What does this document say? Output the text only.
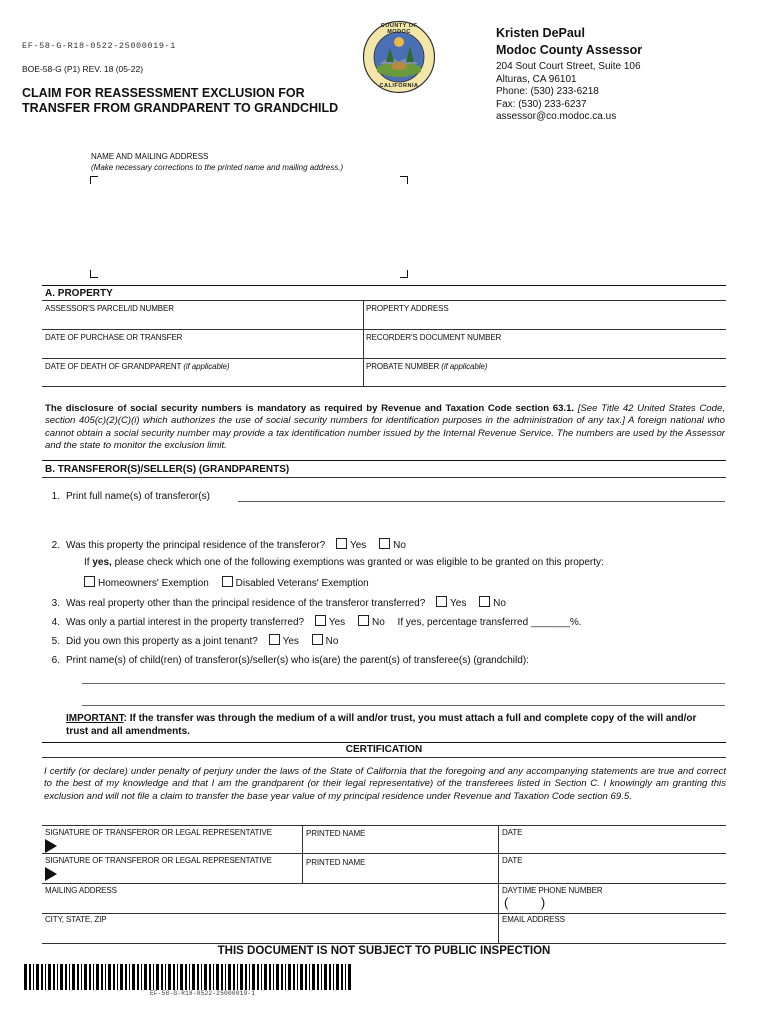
EF-58-G-R18-0522-25000019-1
BOE-58-G (P1) REV. 18 (05-22)
CLAIM FOR REASSESSMENT EXCLUSION FOR
TRANSFER FROM GRANDPARENT TO GRANDCHILD
COUNTY OF MODOC
CALIFORNIA
Kristen DePaul
Modoc County Assessor
204 Sout Court Street, Suite 106
Alturas, CA 96101
Phone: (530) 233-6218
Fax: (530) 233-6237
assessor@co.modoc.ca.us
NAME AND MAILING ADDRESS
(Make necessary corrections to the printed name and mailing address.)
A. PROPERTY
ASSESSOR'S PARCEL/ID NUMBER	PROPERTY ADDRESS
DATE OF PURCHASE OR TRANSFER	RECORDER'S DOCUMENT NUMBER
DATE OF DEATH OF GRANDPARENT (if applicable)	PROBATE NUMBER (if applicable)
The disclosure of social security numbers is mandatory as required by Revenue and Taxation Code section 63.1. [See Title 42 United States Code, section 405(c)(2)(C)(i) which authorizes the use of social security numbers for identification purposes in the administration of any tax.] A foreign national who cannot obtain a social security number may provide a tax identification number issued by the Internal Revenue Service. The numbers are used by the Assessor and the state to monitor the exclusion limit.
B. TRANSFEROR(S)/SELLER(S) (GRANDPARENTS)
1. Print full name(s) of transferor(s)
2. Was this property the principal residence of the transferor? Yes	No
If yes, please check which one of the following exemptions was granted or was eligible to be granted on this property:
Homeowners' Exemption	Disabled Veterans' Exemption
3. Was real property other than the principal residence of the transferor transferred? Yes	No
4. Was only a partial interest in the property transferred? Yes	No If yes, percentage transferred _______%.
5. Did you own this property as a joint tenant? Yes	No
6. Print name(s) of child(ren) of transferor(s)/seller(s) who is(are) the parent(s) of transferee(s) (grandchild):
IMPORTANT: If the transfer was through the medium of a will and/or trust, you must attach a full and complete copy of the will and/or trust and all amendments.
CERTIFICATION
I certify (or declare) under penalty of perjury under the laws of the State of California that the foregoing and any accompanying statements are true and correct to the best of my knowledge and that I am the grandparent (or their legal representative) of the transferees listed in Section C. I knowingly am granting this exclusion and will not file a claim to transfer the base year value of my principal residence under Revenue and Taxation Code section 69.5.
SIGNATURE OF TRANSFEROR OR LEGAL REPRESENTATIVE	PRINTED NAME	DATE
SIGNATURE OF TRANSFEROR OR LEGAL REPRESENTATIVE	PRINTED NAME	DATE
MAILING ADDRESS	DAYTIME PHONE NUMBER
(         )
CITY, STATE, ZIP	EMAIL ADDRESS
THIS DOCUMENT IS NOT SUBJECT TO PUBLIC INSPECTION
EF-58-G-R18-0522-25000019-1
